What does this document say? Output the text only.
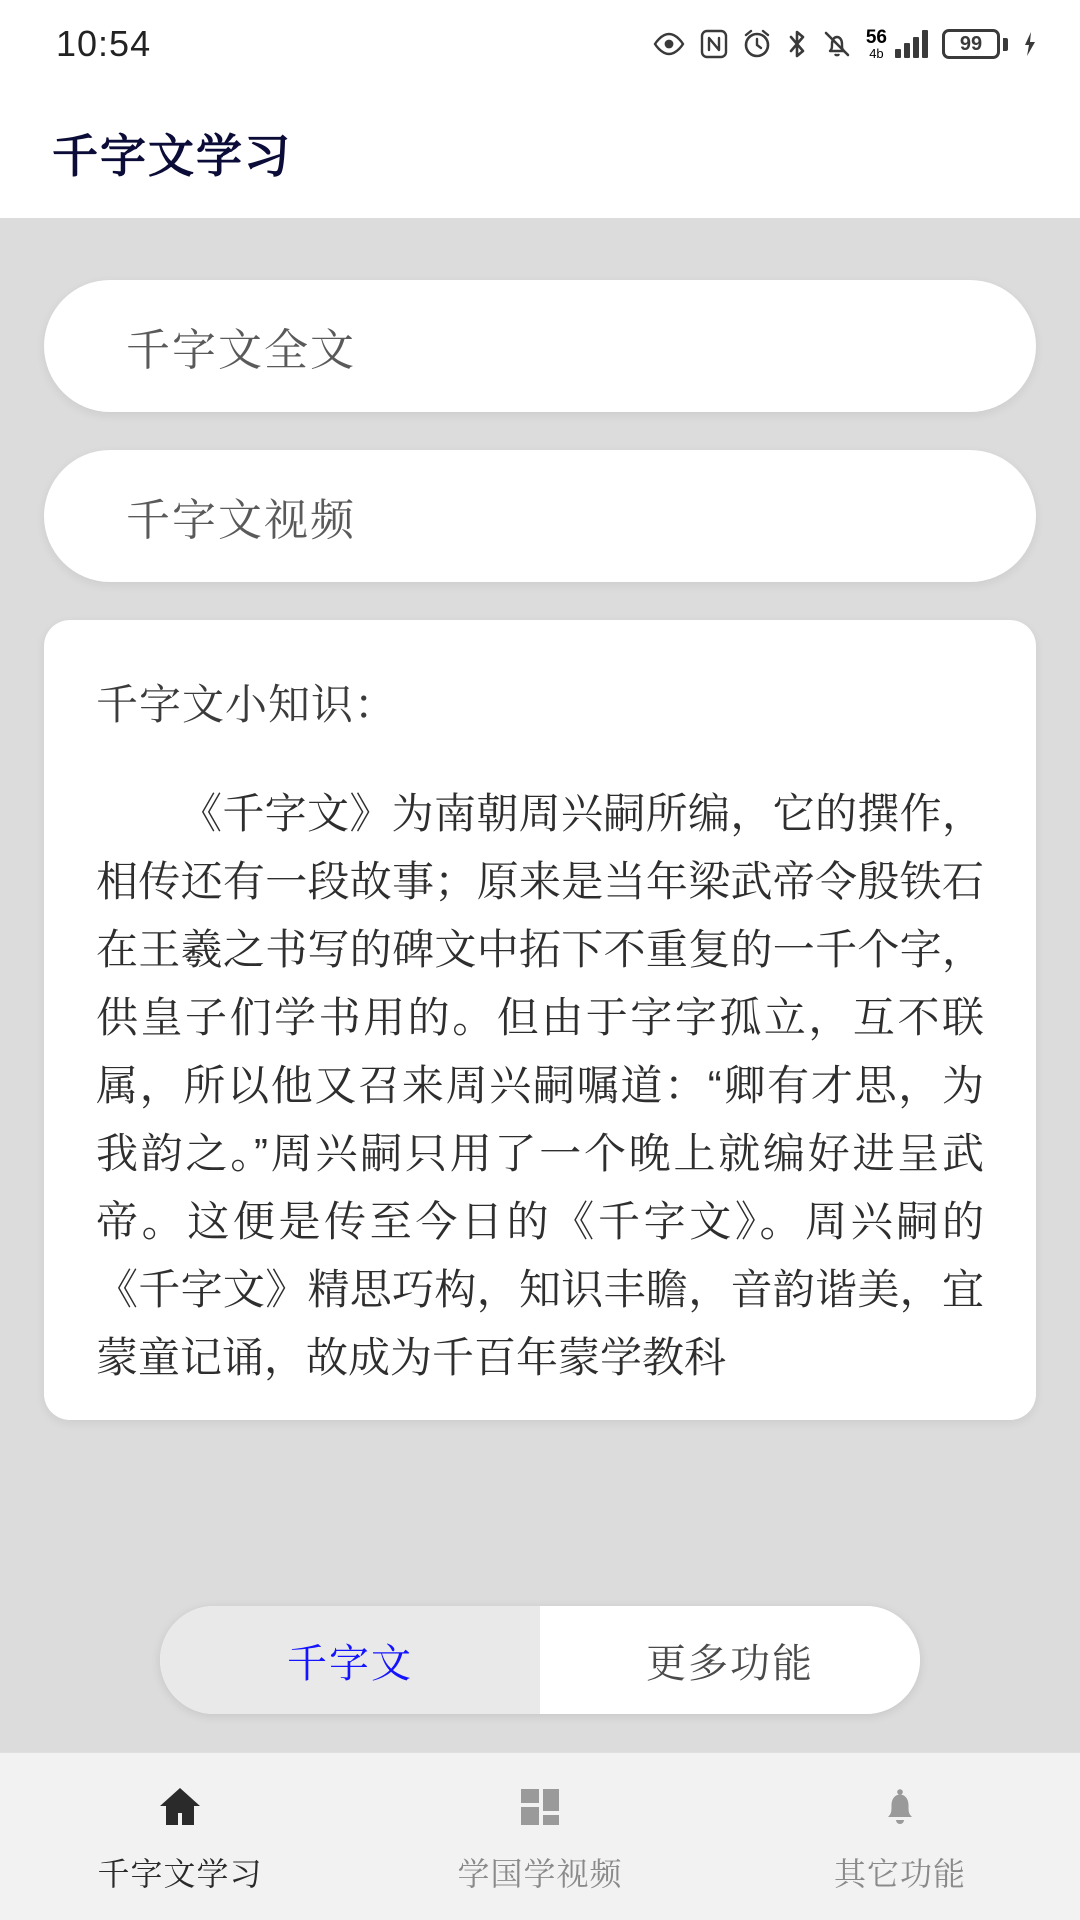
10:54	56
4b	99
千字文学习
千字文全文
千字文视频
千字文小知识：
《千字文》为南朝周兴嗣所编，它的撰作，相传还有一段故事；原来是当年梁武帝令殷铁石在王羲之书写的碑文中拓下不重复的一千个字，供皇子们学书用的。但由于字字孤立，互不联属，所以他又召来周兴嗣嘱道：“卿有才思，为我韵之。”周兴嗣只用了一个晚上就编好进呈武帝。这便是传至今日的《千字文》。周兴嗣的《千字文》精思巧构，知识丰瞻，音韵谐美，宜蒙童记诵，故成为千百年蒙学教科
千字文	更多功能
千字文学习	学国学视频	其它功能
